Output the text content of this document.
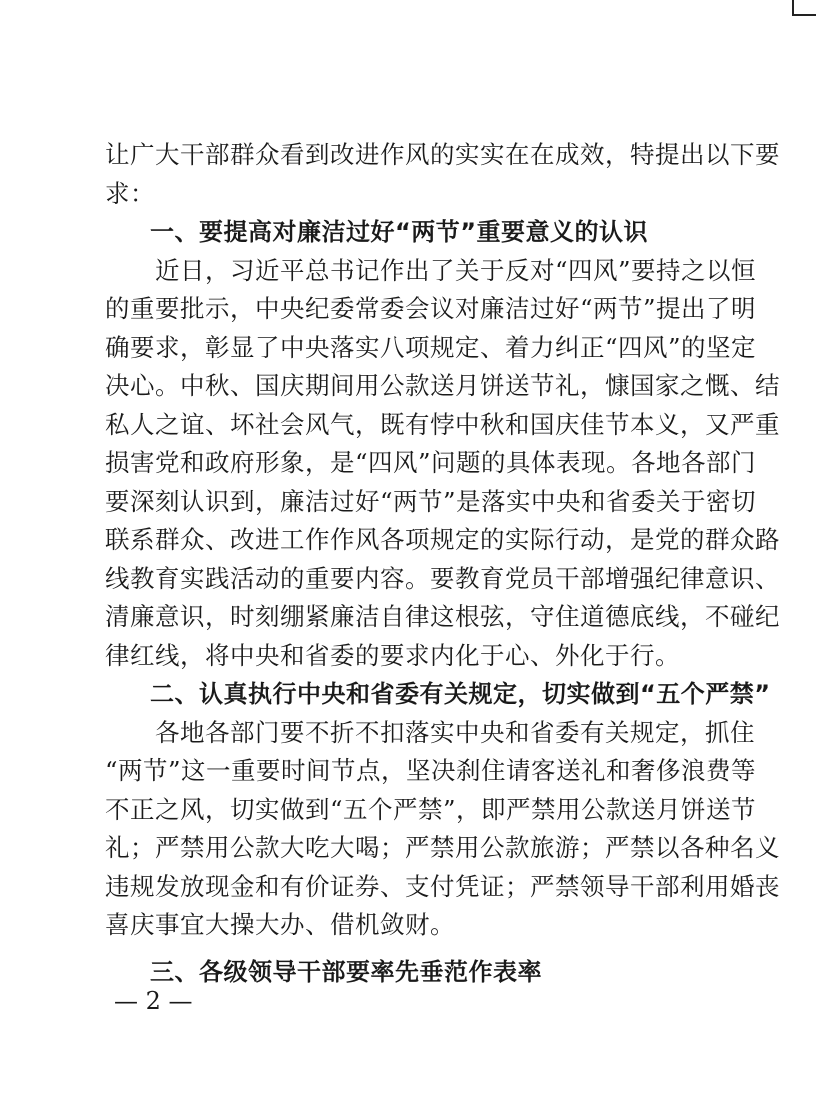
让广大干部群众看到改进作风的实实在在成效，特提出以下要
求：
一、要提高对廉洁过好“两节”重要意义的认识
近日，习近平总书记作出了关于反对“四风”要持之以恒
的重要批示，中央纪委常委会议对廉洁过好“两节”提出了明
确要求，彰显了中央落实八项规定、着力纠正“四风”的坚定
决心。中秋、国庆期间用公款送月饼送节礼，慷国家之慨、结
私人之谊、坏社会风气，既有悖中秋和国庆佳节本义，又严重
损害党和政府形象，是“四风”问题的具体表现。各地各部门
要深刻认识到，廉洁过好“两节”是落实中央和省委关于密切
联系群众、改进工作作风各项规定的实际行动，是党的群众路
线教育实践活动的重要内容。要教育党员干部增强纪律意识、
清廉意识，时刻绷紧廉洁自律这根弦，守住道德底线，不碰纪
律红线，将中央和省委的要求内化于心、外化于行。
二、认真执行中央和省委有关规定，切实做到“五个严禁”
各地各部门要不折不扣落实中央和省委有关规定，抓住
“两节”这一重要时间节点，坚决刹住请客送礼和奢侈浪费等
不正之风，切实做到“五个严禁”，即严禁用公款送月饼送节
礼；严禁用公款大吃大喝；严禁用公款旅游；严禁以各种名义
违规发放现金和有价证券、支付凭证；严禁领导干部利用婚丧
喜庆事宜大操大办、借机敛财。
三、各级领导干部要率先垂范作表率
— 2 —
